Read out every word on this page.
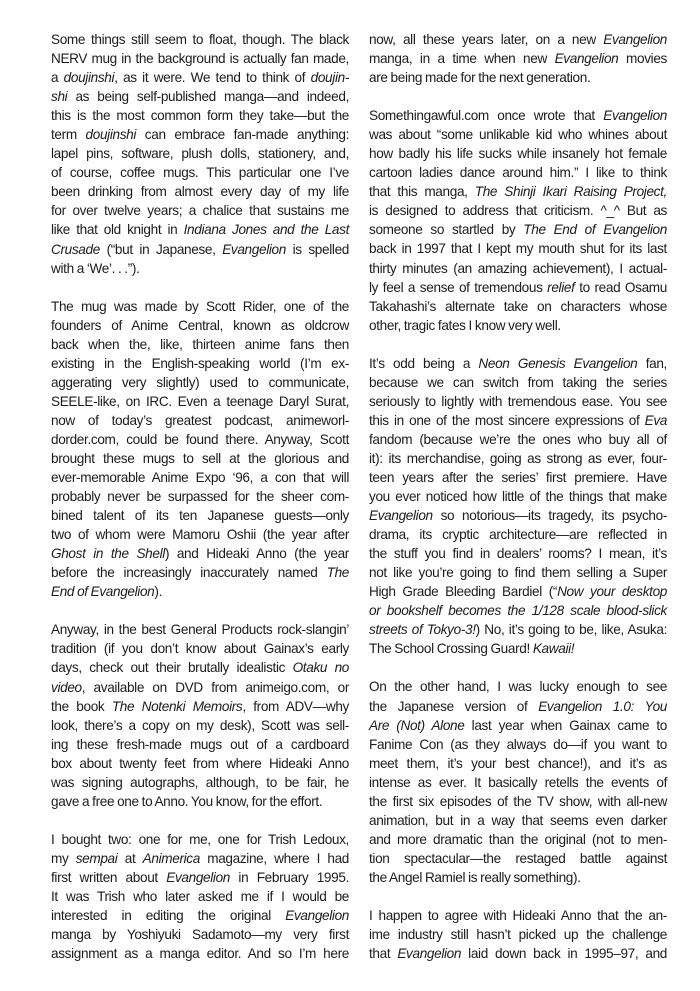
Some things still seem to float, though. The black
NERV mug in the background is actually fan made,
a doujinshi, as it were. We tend to think of doujin-
shi as being self-published manga—and indeed,
this is the most common form they take—but the
term doujinshi can embrace fan-made anything:
lapel pins, software, plush dolls, stationery, and,
of course, coffee mugs. This particular one I’ve
been drinking from almost every day of my life
for over twelve years; a chalice that sustains me
like that old knight in Indiana Jones and the Last
Crusade (“but in Japanese, Evangelion is spelled
with a ‘We’. . .”).
The mug was made by Scott Rider, one of the
founders of Anime Central, known as oldcrow
back when the, like, thirteen anime fans then
existing in the English-speaking world (I’m ex-
aggerating very slightly) used to communicate,
SEELE-like, on IRC. Even a teenage Daryl Surat,
now of today’s greatest podcast, animeworl-
dorder.com, could be found there. Anyway, Scott
brought these mugs to sell at the glorious and
ever-memorable Anime Expo ‘96, a con that will
probably never be surpassed for the sheer com-
bined talent of its ten Japanese guests—only
two of whom were Mamoru Oshii (the year after
Ghost in the Shell) and Hideaki Anno (the year
before the increasingly inaccurately named The
End of Evangelion).
Anyway, in the best General Products rock-slangin’
tradition (if you don’t know about Gainax’s early
days, check out their brutally idealistic Otaku no
video, available on DVD from animeigo.com, or
the book The Notenki Memoirs, from ADV—why
look, there’s a copy on my desk), Scott was sell-
ing these fresh-made mugs out of a cardboard
box about twenty feet from where Hideaki Anno
was signing autographs, although, to be fair, he
gave a free one to Anno. You know, for the effort.
I bought two: one for me, one for Trish Ledoux,
my sempai at Animerica magazine, where I had
first written about Evangelion in February 1995.
It was Trish who later asked me if I would be
interested in editing the original Evangelion
manga by Yoshiyuki Sadamoto—my very first
assignment as a manga editor. And so I’m here
now, all these years later, on a new Evangelion
manga, in a time when new Evangelion movies
are being made for the next generation.
Somethingawful.com once wrote that Evangelion
was about “some unlikable kid who whines about
how badly his life sucks while insanely hot female
cartoon ladies dance around him.” I like to think
that this manga, The Shinji Ikari Raising Project,
is designed to address that criticism. ^_^ But as
someone so startled by The End of Evangelion
back in 1997 that I kept my mouth shut for its last
thirty minutes (an amazing achievement), I actual-
ly feel a sense of tremendous relief to read Osamu
Takahashi’s alternate take on characters whose
other, tragic fates I know very well.
It’s odd being a Neon Genesis Evangelion fan,
because we can switch from taking the series
seriously to lightly with tremendous ease. You see
this in one of the most sincere expressions of Eva
fandom (because we’re the ones who buy all of
it): its merchandise, going as strong as ever, four-
teen years after the series’ first premiere. Have
you ever noticed how little of the things that make
Evangelion so notorious—its tragedy, its psycho-
drama, its cryptic architecture—are reflected in
the stuff you find in dealers’ rooms? I mean, it’s
not like you’re going to find them selling a Super
High Grade Bleeding Bardiel (“Now your desktop
or bookshelf becomes the 1/128 scale blood-slick
streets of Tokyo-3!) No, it’s going to be, like, Asuka:
The School Crossing Guard! Kawaii!
On the other hand, I was lucky enough to see
the Japanese version of Evangelion 1.0: You
Are (Not) Alone last year when Gainax came to
Fanime Con (as they always do—if you want to
meet them, it’s your best chance!), and it’s as
intense as ever. It basically retells the events of
the first six episodes of the TV show, with all-new
animation, but in a way that seems even darker
and more dramatic than the original (not to men-
tion spectacular—the restaged battle against
the Angel Ramiel is really something).
I happen to agree with Hideaki Anno that the an-
ime industry still hasn’t picked up the challenge
that Evangelion laid down back in 1995–97, and
